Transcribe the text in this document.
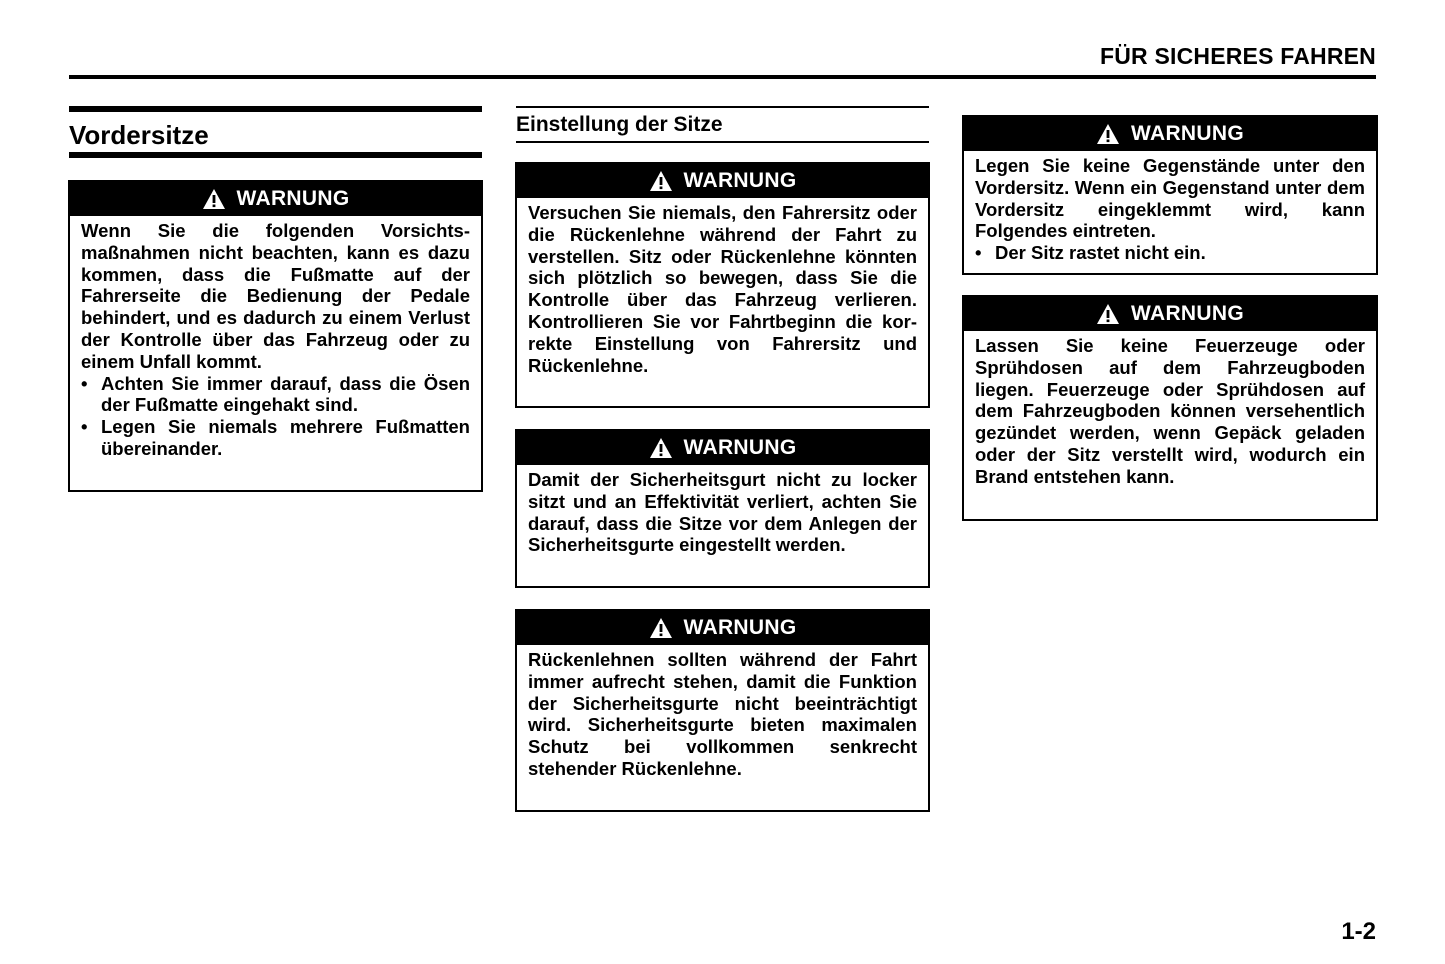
FÜR SICHERES FAHREN
Vordersitze
WARNUNG

Wenn Sie die folgenden Vorsichtsmaßnahmen nicht beachten, kann es dazu kommen, dass die Fußmatte auf der Fahrerseite die Bedienung der Pedale behindert, und es dadurch zu einem Verlust der Kontrolle über das Fahrzeug oder zu einem Unfall kommt.

• Achten Sie immer darauf, dass die Ösen der Fußmatte eingehakt sind.
• Legen Sie niemals mehrere Fußmatten übereinander.
Einstellung der Sitze
WARNUNG

Versuchen Sie niemals, den Fahrersitz oder die Rückenlehne während der Fahrt zu verstellen. Sitz oder Rückenlehne könnten sich plötzlich so bewegen, dass Sie die Kontrolle über das Fahrzeug verlieren. Kontrollieren Sie vor Fahrtbeginn die korrekte Einstellung von Fahrersitz und Rückenlehne.

WARNUNG

Damit der Sicherheitsgurt nicht zu locker sitzt und an Effektivität verliert, achten Sie darauf, dass die Sitze vor dem Anlegen der Sicherheitsgurte eingestellt werden.

WARNUNG

Rückenlehnen sollten während der Fahrt immer aufrecht stehen, damit die Funktion der Sicherheitsgurte nicht beeinträchtigt wird. Sicherheitsgurte bieten maximalen Schutz bei vollkommen senkrecht stehender Rückenlehne.

WARNUNG

Legen Sie keine Gegenstände unter den Vordersitz. Wenn ein Gegenstand unter dem Vordersitz eingeklemmt wird, kann Folgendes eintreten.

• Der Sitz rastet nicht ein.
WARNUNG

Lassen Sie keine Feuerzeuge oder Sprühdosen auf dem Fahrzeugboden liegen. Feuerzeuge oder Sprühdosen auf dem Fahrzeugboden können versehentlich gezündet werden, wenn Gepäck geladen oder der Sitz verstellt wird, wodurch ein Brand entstehen kann.

1-2
